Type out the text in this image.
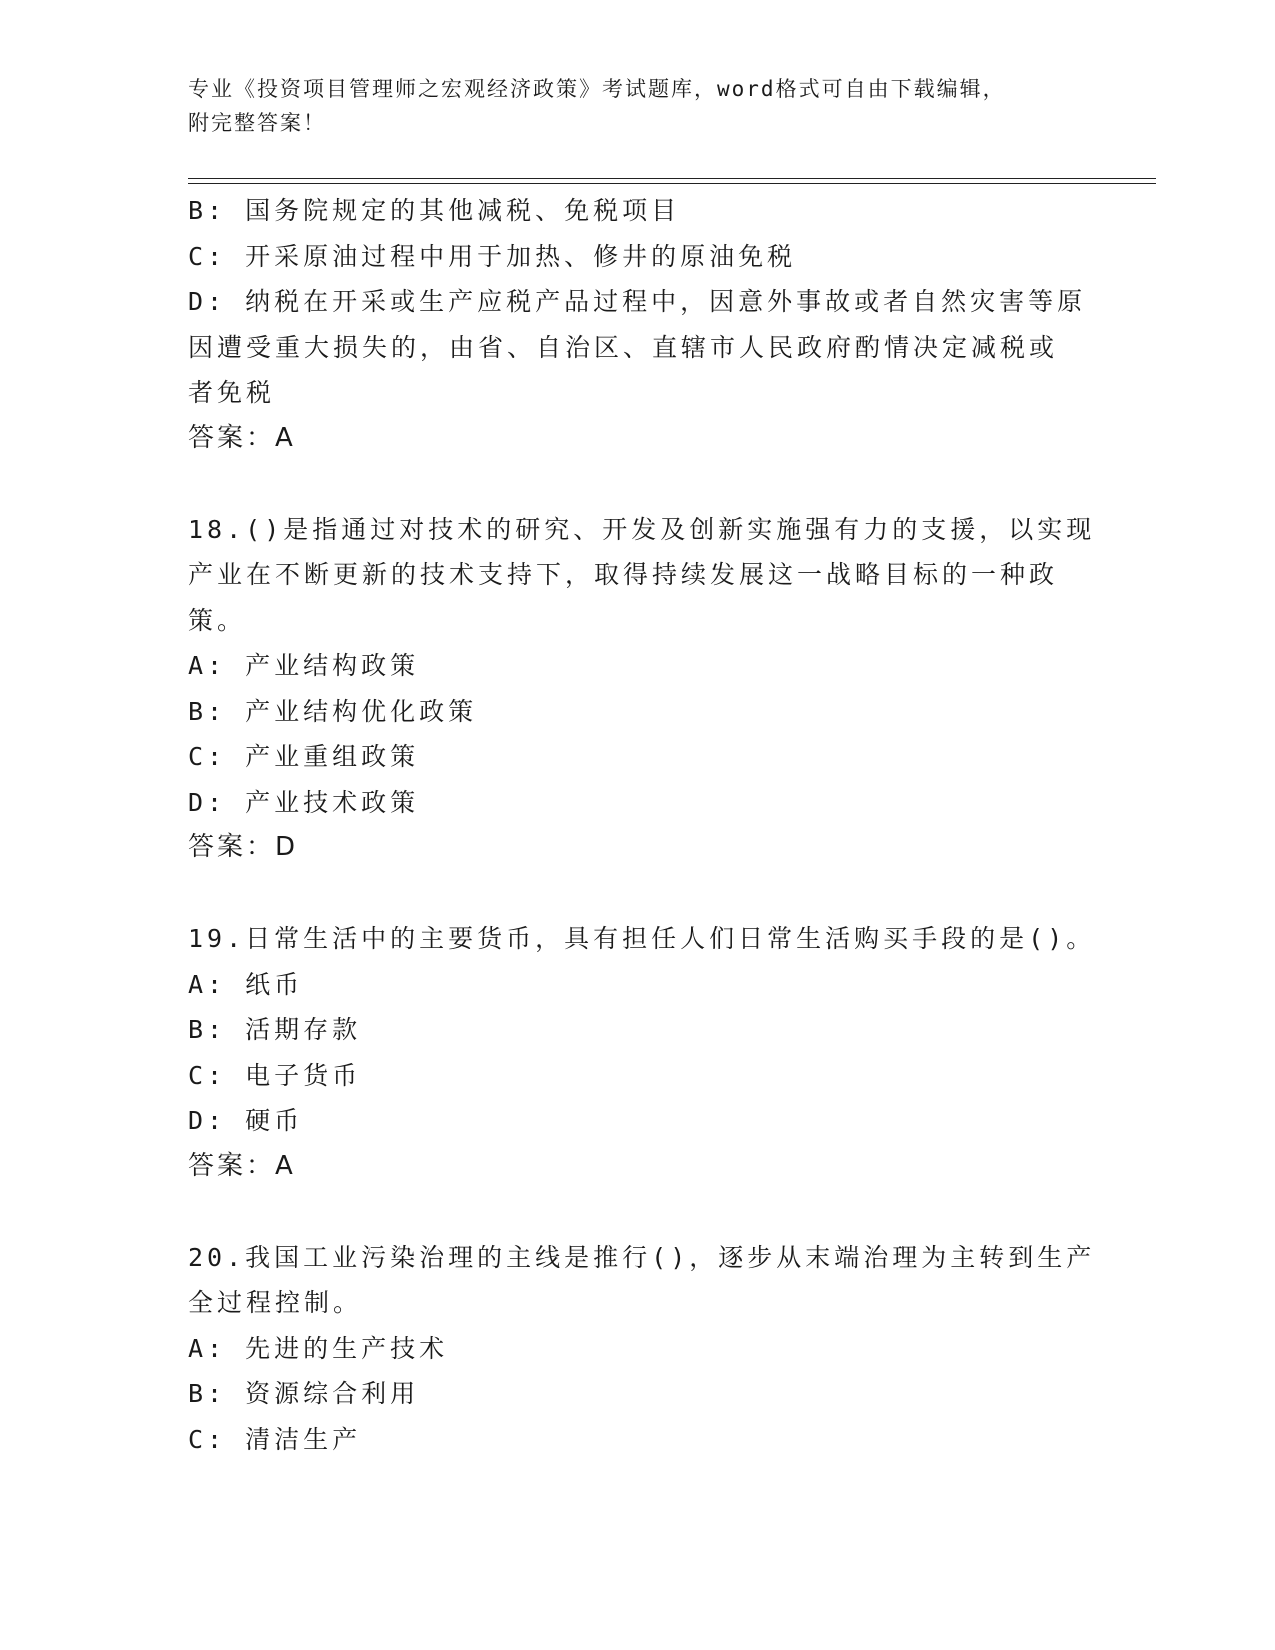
专业《投资项目管理师之宏观经济政策》考试题库，word格式可自由下载编辑，
附完整答案！
B: 国务院规定的其他减税、免税项目
C: 开采原油过程中用于加热、修井的原油免税
D: 纳税在开采或生产应税产品过程中，因意外事故或者自然灾害等原
因遭受重大损失的，由省、自治区、直辖市人民政府酌情决定减税或
者免税
答案：A
18.()是指通过对技术的研究、开发及创新实施强有力的支援，以实现
产业在不断更新的技术支持下，取得持续发展这一战略目标的一种政
策。
A: 产业结构政策
B: 产业结构优化政策
C: 产业重组政策
D: 产业技术政策
答案：D
19.日常生活中的主要货币，具有担任人们日常生活购买手段的是()。
A: 纸币
B: 活期存款
C: 电子货币
D: 硬币
答案：A
20.我国工业污染治理的主线是推行()，逐步从末端治理为主转到生产
全过程控制。
A: 先进的生产技术
B: 资源综合利用
C: 清洁生产
